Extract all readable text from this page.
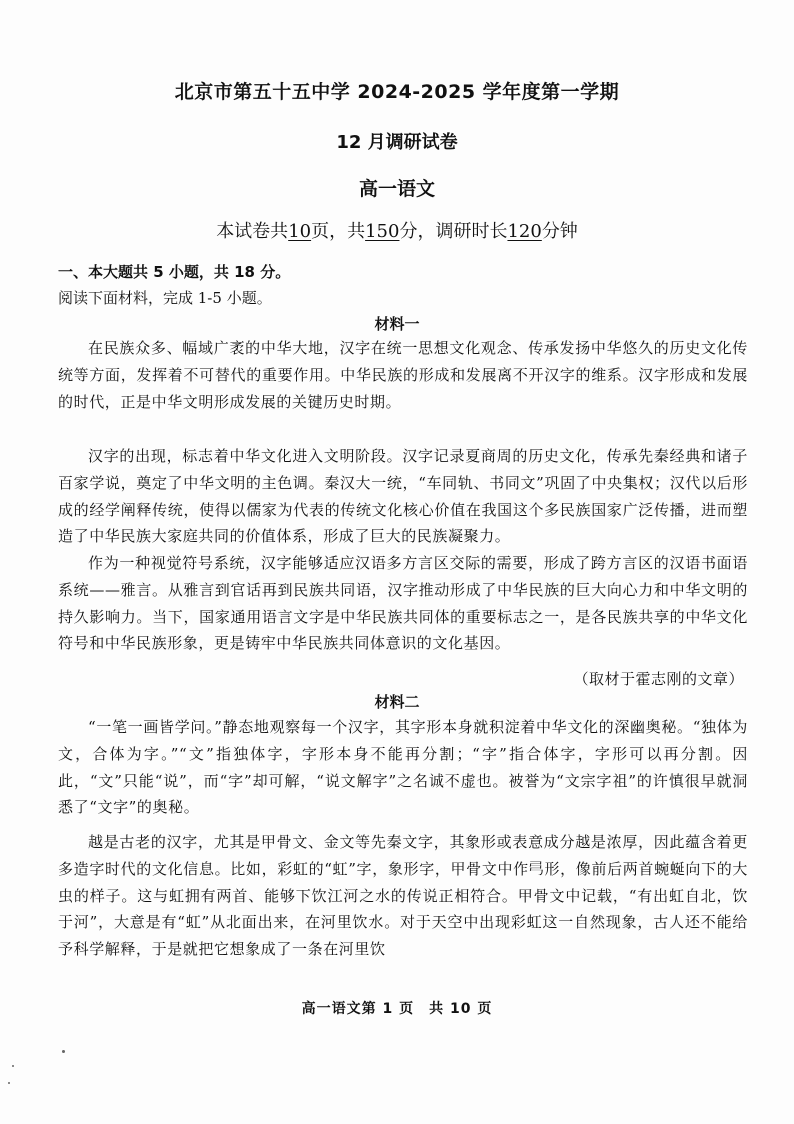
北京市第五十五中学 2024-2025 学年度第一学期
12 月调研试卷
高一语文
本试卷共10页，共150分，调研时长120分钟
一、本大题共 5 小题，共 18 分。
阅读下面材料，完成 1-5 小题。
材料一

在民族众多、幅域广袤的中华大地，汉字在统一思想文化观念、传承发扬中华悠久的历史文化传统等方面，发挥着不可替代的重要作用。中华民族的形成和发展离不开汉字的维系。汉字形成和发展的时代，正是中华文明形成发展的关键历史时期。

汉字的出现，标志着中华文化进入文明阶段。汉字记录夏商周的历史文化，传承先秦经典和诸子百家学说，奠定了中华文明的主色调。秦汉大一统，“车同轨、书同文”巩固了中央集权；汉代以后形成的经学阐释传统，使得以儒家为代表的传统文化核心价值在我国这个多民族国家广泛传播，进而塑造了中华民族大家庭共同的价值体系，形成了巨大的民族凝聚力。

作为一种视觉符号系统，汉字能够适应汉语多方言区交际的需要，形成了跨方言区的汉语书面语系统——雅言。从雅言到官话再到民族共同语，汉字推动形成了中华民族的巨大向心力和中华文明的持久影响力。当下，国家通用语言文字是中华民族共同体的重要标志之一，是各民族共享的中华文化符号和中华民族形象，更是铸牢中华民族共同体意识的文化基因。

（取材于霍志刚的文章）
材料二

“一笔一画皆学问。”静态地观察每一个汉字，其字形本身就积淀着中华文化的深幽奥秘。“独体为文，合体为字。”“文”指独体字，字形本身不能再分割；“字”指合体字，字形可以再分割。因此，“文”只能“说”，而“字”却可解，“说文解字”之名诚不虚也。被誉为“文宗字祖”的许慎很早就洞悉了“文字”的奥秘。

越是古老的汉字，尤其是甲骨文、金文等先秦文字，其象形或表意成分越是浓厚，因此蕴含着更多造字时代的文化信息。比如，彩虹的“虹”字，象形字，甲骨文中作𢎧形，像前后两首蜿蜒向下的大虫的样子。这与虹拥有两首、能够下饮江河之水的传说正相符合。甲骨文中记载，“有出虹自北，饮于河”，大意是有“虹”从北面出来，在河里饮水。对于天空中出现彩虹这一自然现象，古人还不能给予科学解释，于是就把它想象成了一条在河里饮

高一语文第 1 页　共 10 页
